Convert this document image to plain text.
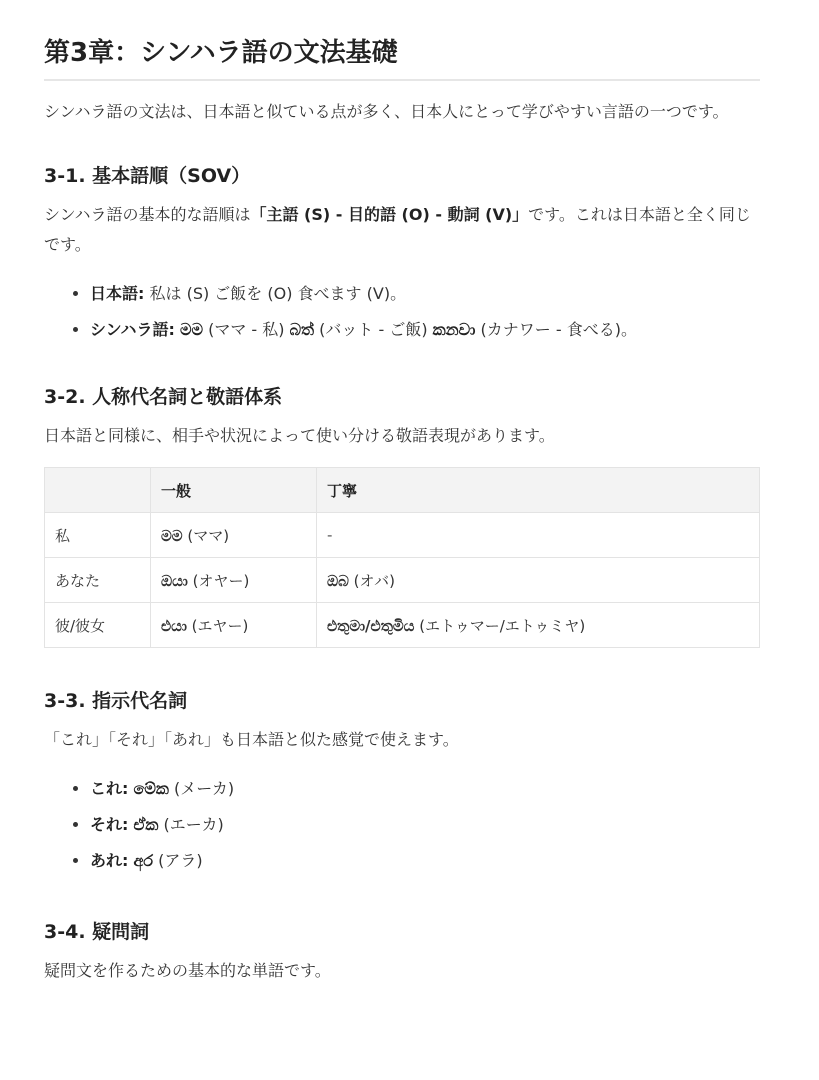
第3章：シンハラ語の文法基礎

シンハラ語の文法は、日本語と似ている点が多く、日本人にとって学びやすい言語の一つです。

3-1. 基本語順（SOV）

シンハラ語の基本的な語順は「主語 (S) - 目的語 (O) - 動詞 (V)」です。これは日本語と全く同じです。

• 日本語: 私は (S) ご飯を (O) 食べます (V)。
• シンハラ語: මම (ママ - 私) බත් (バット - ご飯) කනවා (カナワー - 食べる)。
3-2. 人称代名詞と敬語体系

日本語と同様に、相手や状況によって使い分ける敬語表現があります。

	一般	丁寧
私	මම (ママ)	-
あなた	ඔයා (オヤー)	ඔබ (オバ)
彼/彼女	එයා (エヤー)	එතුමා/එතුමිය (エトゥマー/エトゥミヤ)
3-3. 指示代名詞

「これ」「それ」「あれ」も日本語と似た感覚で使えます。

• これ: මේක (メーカ)
• それ: ඒක (エーカ)
• あれ: අර (アラ)
3-4. 疑問詞

疑問文を作るための基本的な単語です。
